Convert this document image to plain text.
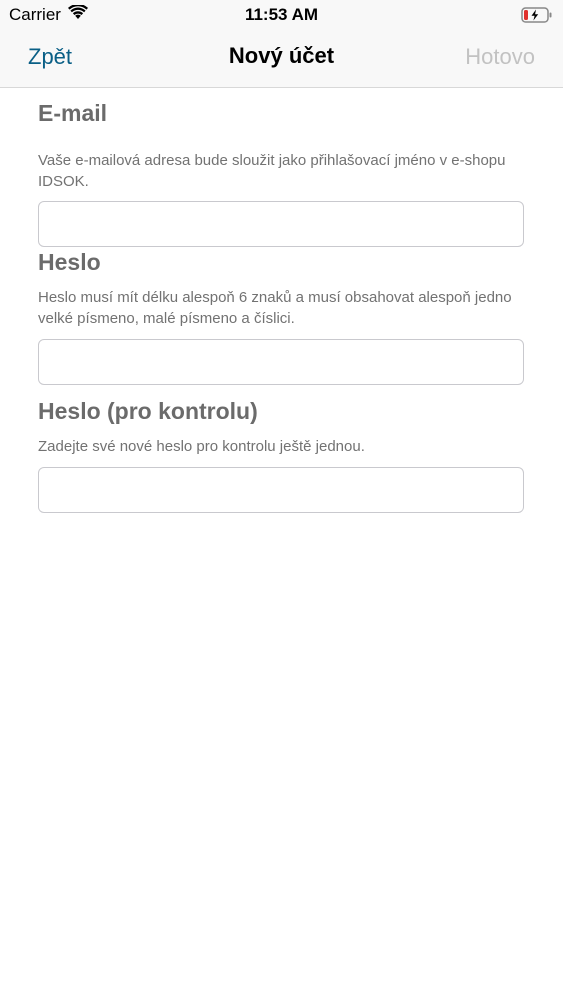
Carrier	11:53 AM
Zpět	Nový účet	Hotovo
E-mail

Vaše e-mailová adresa bude sloužit jako přihlašovací jméno v e-shopu IDSOK.

Heslo

Heslo musí mít délku alespoň 6 znaků a musí obsahovat alespoň jedno velké písmeno, malé písmeno a číslici.

Heslo (pro kontrolu)

Zadejte své nové heslo pro kontrolu ještě jednou.
